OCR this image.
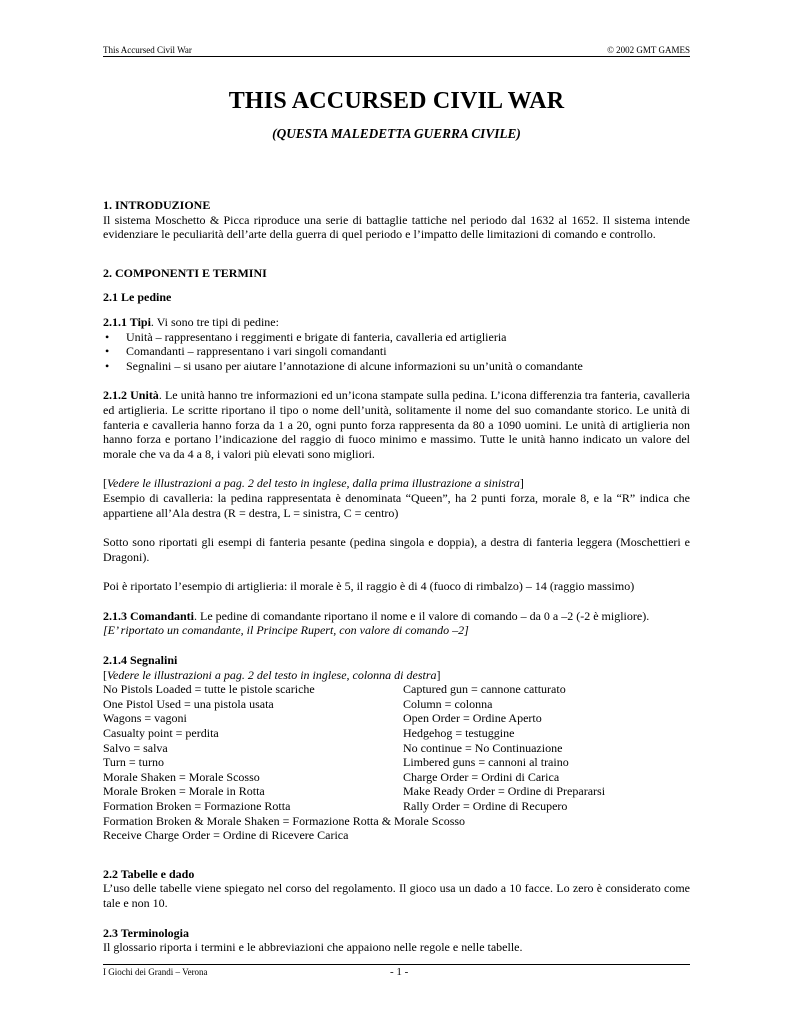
This Accursed Civil War	© 2002 GMT GAMES
THIS ACCURSED CIVIL WAR
(QUESTA MALEDETTA GUERRA CIVILE)

1. INTRODUZIONE

Il sistema Moschetto & Picca riproduce una serie di battaglie tattiche nel periodo dal 1632 al 1652. Il sistema intende evidenziare le peculiarità dell’arte della guerra di quel periodo e l’impatto delle limitazioni di comando e controllo.

2. COMPONENTI E TERMINI

2.1 Le pedine

2.1.1 Tipi. Vi sono tre tipi di pedine:

• Unità – rappresentano i reggimenti e brigate di fanteria, cavalleria ed artiglieria
• Comandanti – rappresentano i vari singoli comandanti
• Segnalini – si usano per aiutare l’annotazione di alcune informazioni su un’unità o comandante

2.1.2 Unità. Le unità hanno tre informazioni ed un’icona stampate sulla pedina. L’icona differenzia tra fanteria, cavalleria ed artiglieria. Le scritte riportano il tipo o nome dell’unità, solitamente il nome del suo comandante storico. Le unità di fanteria e cavalleria hanno forza da 1 a 20, ogni punto forza rappresenta da 80 a 1090 uomini. Le unità di artiglieria non hanno forza e portano l’indicazione del raggio di fuoco minimo e massimo. Tutte le unità hanno indicato un valore del morale che va da 4 a 8, i valori più elevati sono migliori.

[Vedere le illustrazioni a pag. 2 del testo in inglese, dalla prima illustrazione a sinistra]

Esempio di cavalleria: la pedina rappresentata è denominata “Queen”, ha 2 punti forza, morale 8, e la “R” indica che appartiene all’Ala destra (R = destra, L = sinistra, C = centro)

Sotto sono riportati gli esempi di fanteria pesante (pedina singola e doppia), a destra di fanteria leggera (Moschettieri e Dragoni).

Poi è riportato l’esempio di artiglieria: il morale è 5, il raggio è di 4 (fuoco di rimbalzo) – 14 (raggio massimo)

2.1.3 Comandanti. Le pedine di comandante riportano il nome e il valore di comando – da 0 a –2 (-2 è migliore).

[E’ riportato un comandante, il Principe Rupert, con valore di comando –2]

2.1.4 Segnalini

[Vedere le illustrazioni a pag. 2 del testo in inglese, colonna di destra]

No Pistols Loaded = tutte le pistole scariche
One Pistol Used = una pistola usata
Wagons = vagoni
Casualty point = perdita
Salvo = salva
Turn = turno
Morale Shaken = Morale Scosso
Morale Broken = Morale in Rotta
Formation Broken = Formazione Rotta
Captured gun = cannone catturato
Column = colonna
Open Order = Ordine Aperto
Hedgehog = testuggine
No continue = No Continuazione
Limbered guns = cannoni al traino
Charge Order = Ordini di Carica
Make Ready Order = Ordine di Prepararsi
Rally Order = Ordine di Recupero
Formation Broken & Morale Shaken = Formazione Rotta & Morale Scosso
Receive Charge Order = Ordine di Ricevere Carica

2.2 Tabelle e dado

L’uso delle tabelle viene spiegato nel corso del regolamento. Il gioco usa un dado a 10 facce. Lo zero è considerato come tale e non 10.

2.3 Terminologia

Il glossario riporta i termini e le abbreviazioni che appaiono nelle regole e nelle tabelle.

I Giochi dei Grandi – Verona	- 1 -
